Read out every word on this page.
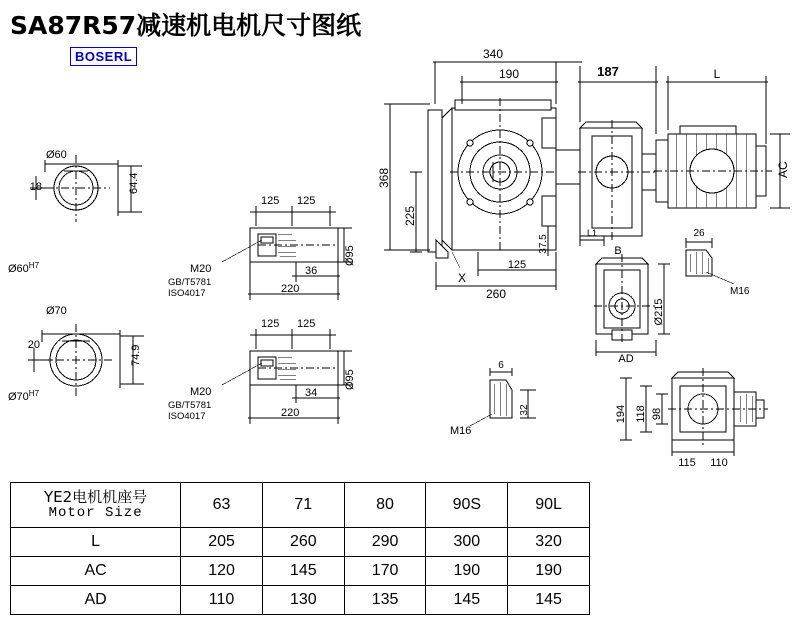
SA87R57减速机电机尺寸图纸
BOSERL
Ø60
18	64.4
$Ø60^{H7}$
Ø70
20	74.9
$Ø70^{H7}$
125 125
36
220
Ø95
M20
GB/T5781
ISO4017
125 125
34
220
Ø95
M20
GB/T5781
ISO4017
AC
340
190	187	L
368
225
37.5
260
125
X
L1	26
M16
B
Ø215
AD
6
32
M16
194 118 98
115 110
YE2电机机座号
Motor Size	63	71	80	90S	90L
L	205	260	290	300	320
AC	120	145	170	190	190
AD	110	130	135	145	145
